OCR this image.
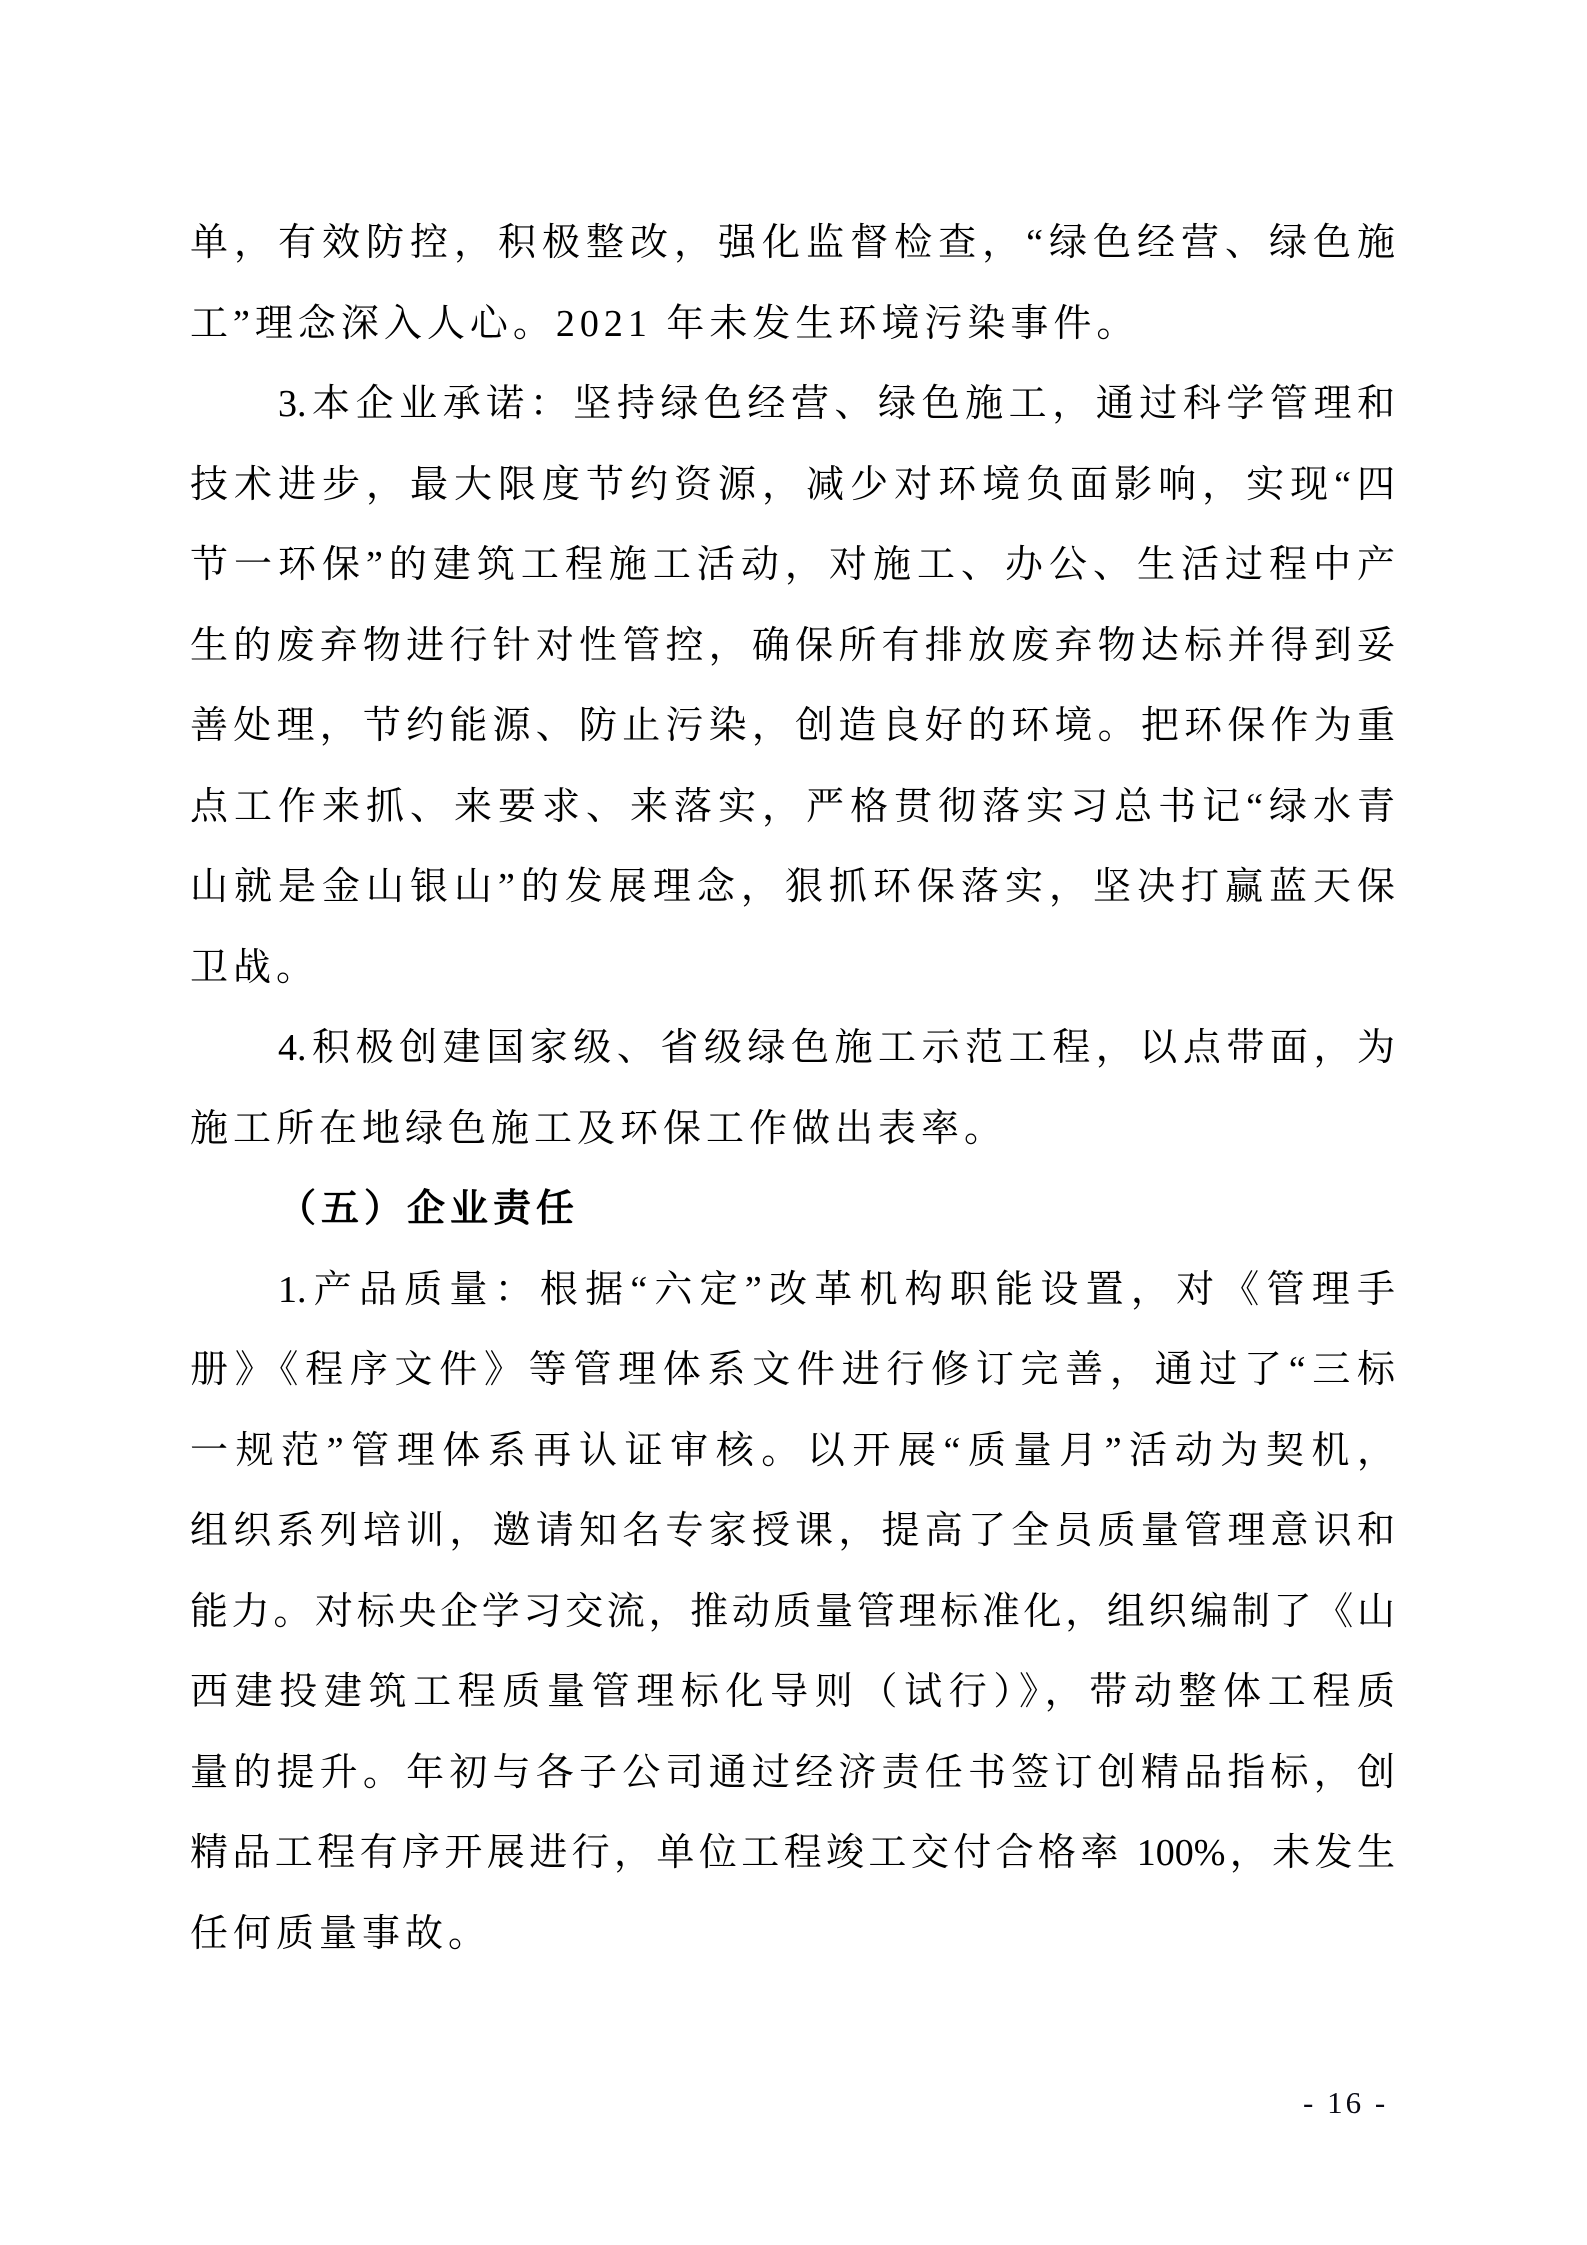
单，有效防控，积极整改，强化监督检查，“绿色经营、绿色施
工”理念深入人心。2021 年未发生环境污染事件。
3.本企业承诺：坚持绿色经营、绿色施工，通过科学管理和
技术进步，最大限度节约资源，减少对环境负面影响，实现“四
节一环保”的建筑工程施工活动，对施工、办公、生活过程中产
生的废弃物进行针对性管控，确保所有排放废弃物达标并得到妥
善处理，节约能源、防止污染，创造良好的环境。把环保作为重
点工作来抓、来要求、来落实，严格贯彻落实习总书记“绿水青
山就是金山银山”的发展理念，狠抓环保落实，坚决打赢蓝天保
卫战。
4.积极创建国家级、省级绿色施工示范工程，以点带面，为
施工所在地绿色施工及环保工作做出表率。
（五）企业责任
1.产品质量：根据“六定”改革机构职能设置，对《管理手
册》《程序文件》等管理体系文件进行修订完善，通过了“三标
一规范”管理体系再认证审核。以开展“质量月”活动为契机，
组织系列培训，邀请知名专家授课，提高了全员质量管理意识和
能力。对标央企学习交流，推动质量管理标准化，组织编制了《山
西建投建筑工程质量管理标化导则（试行）》，带动整体工程质
量的提升。年初与各子公司通过经济责任书签订创精品指标，创
精品工程有序开展进行，单位工程竣工交付合格率 100%，未发生
任何质量事故。
- 16 -
